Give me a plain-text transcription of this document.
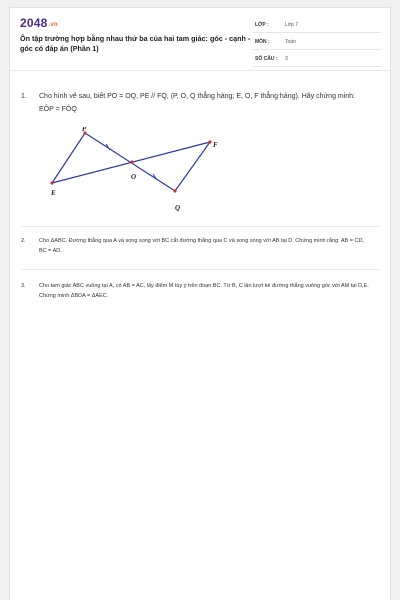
2048.vn
Ôn tập trường hợp bằng nhau thứ ba của hai tam giác: góc - cạnh - góc có đáp án (Phần 1)
LỚP :	Lớp 7
MÔN :	Toán
SỐ CÂU : 3
1. Cho hình vẽ sau, biết PO = OQ, PE // FQ, (P, O, Q thẳng hàng; E, O, F thẳng hàng). Hãy chứng minh: EÔP = FÔQ
P
E
O
F
Q
2. Cho ΔABC. Đường thẳng qua A và song song với BC cắt đường thẳng qua C và song song với AB tại D. Chứng minh rằng: AB = CD, BC = AD.
3. Cho tam giác ABC vuông tại A, có AB = AC, lấy điểm M tùy ý trên đoạn BC. Từ B, C lần lượt kẻ đường thẳng vuông góc với AM tại D,E. Chứng minh ΔBDA = ΔAEC.
